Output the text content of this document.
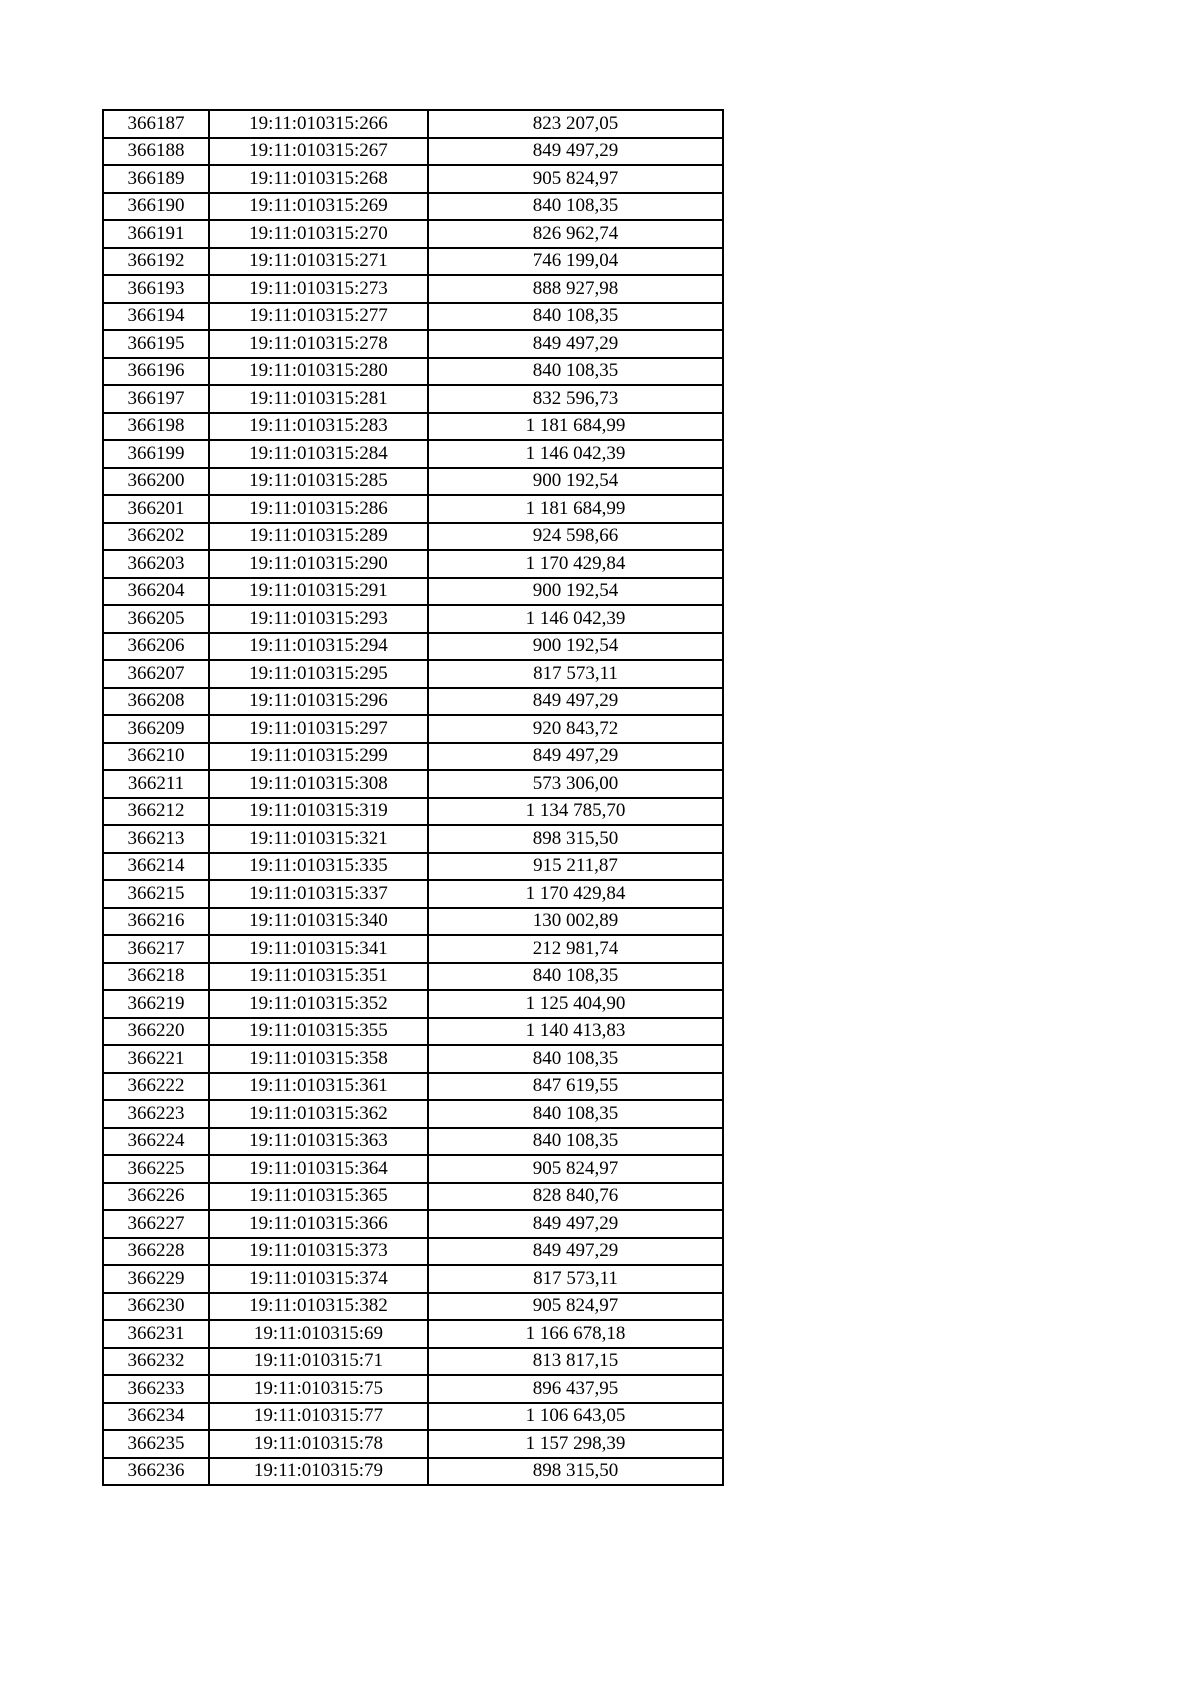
366187	19:11:010315:266	823 207,05
366188	19:11:010315:267	849 497,29
366189	19:11:010315:268	905 824,97
366190	19:11:010315:269	840 108,35
366191	19:11:010315:270	826 962,74
366192	19:11:010315:271	746 199,04
366193	19:11:010315:273	888 927,98
366194	19:11:010315:277	840 108,35
366195	19:11:010315:278	849 497,29
366196	19:11:010315:280	840 108,35
366197	19:11:010315:281	832 596,73
366198	19:11:010315:283	1 181 684,99
366199	19:11:010315:284	1 146 042,39
366200	19:11:010315:285	900 192,54
366201	19:11:010315:286	1 181 684,99
366202	19:11:010315:289	924 598,66
366203	19:11:010315:290	1 170 429,84
366204	19:11:010315:291	900 192,54
366205	19:11:010315:293	1 146 042,39
366206	19:11:010315:294	900 192,54
366207	19:11:010315:295	817 573,11
366208	19:11:010315:296	849 497,29
366209	19:11:010315:297	920 843,72
366210	19:11:010315:299	849 497,29
366211	19:11:010315:308	573 306,00
366212	19:11:010315:319	1 134 785,70
366213	19:11:010315:321	898 315,50
366214	19:11:010315:335	915 211,87
366215	19:11:010315:337	1 170 429,84
366216	19:11:010315:340	130 002,89
366217	19:11:010315:341	212 981,74
366218	19:11:010315:351	840 108,35
366219	19:11:010315:352	1 125 404,90
366220	19:11:010315:355	1 140 413,83
366221	19:11:010315:358	840 108,35
366222	19:11:010315:361	847 619,55
366223	19:11:010315:362	840 108,35
366224	19:11:010315:363	840 108,35
366225	19:11:010315:364	905 824,97
366226	19:11:010315:365	828 840,76
366227	19:11:010315:366	849 497,29
366228	19:11:010315:373	849 497,29
366229	19:11:010315:374	817 573,11
366230	19:11:010315:382	905 824,97
366231	19:11:010315:69	1 166 678,18
366232	19:11:010315:71	813 817,15
366233	19:11:010315:75	896 437,95
366234	19:11:010315:77	1 106 643,05
366235	19:11:010315:78	1 157 298,39
366236	19:11:010315:79	898 315,50
